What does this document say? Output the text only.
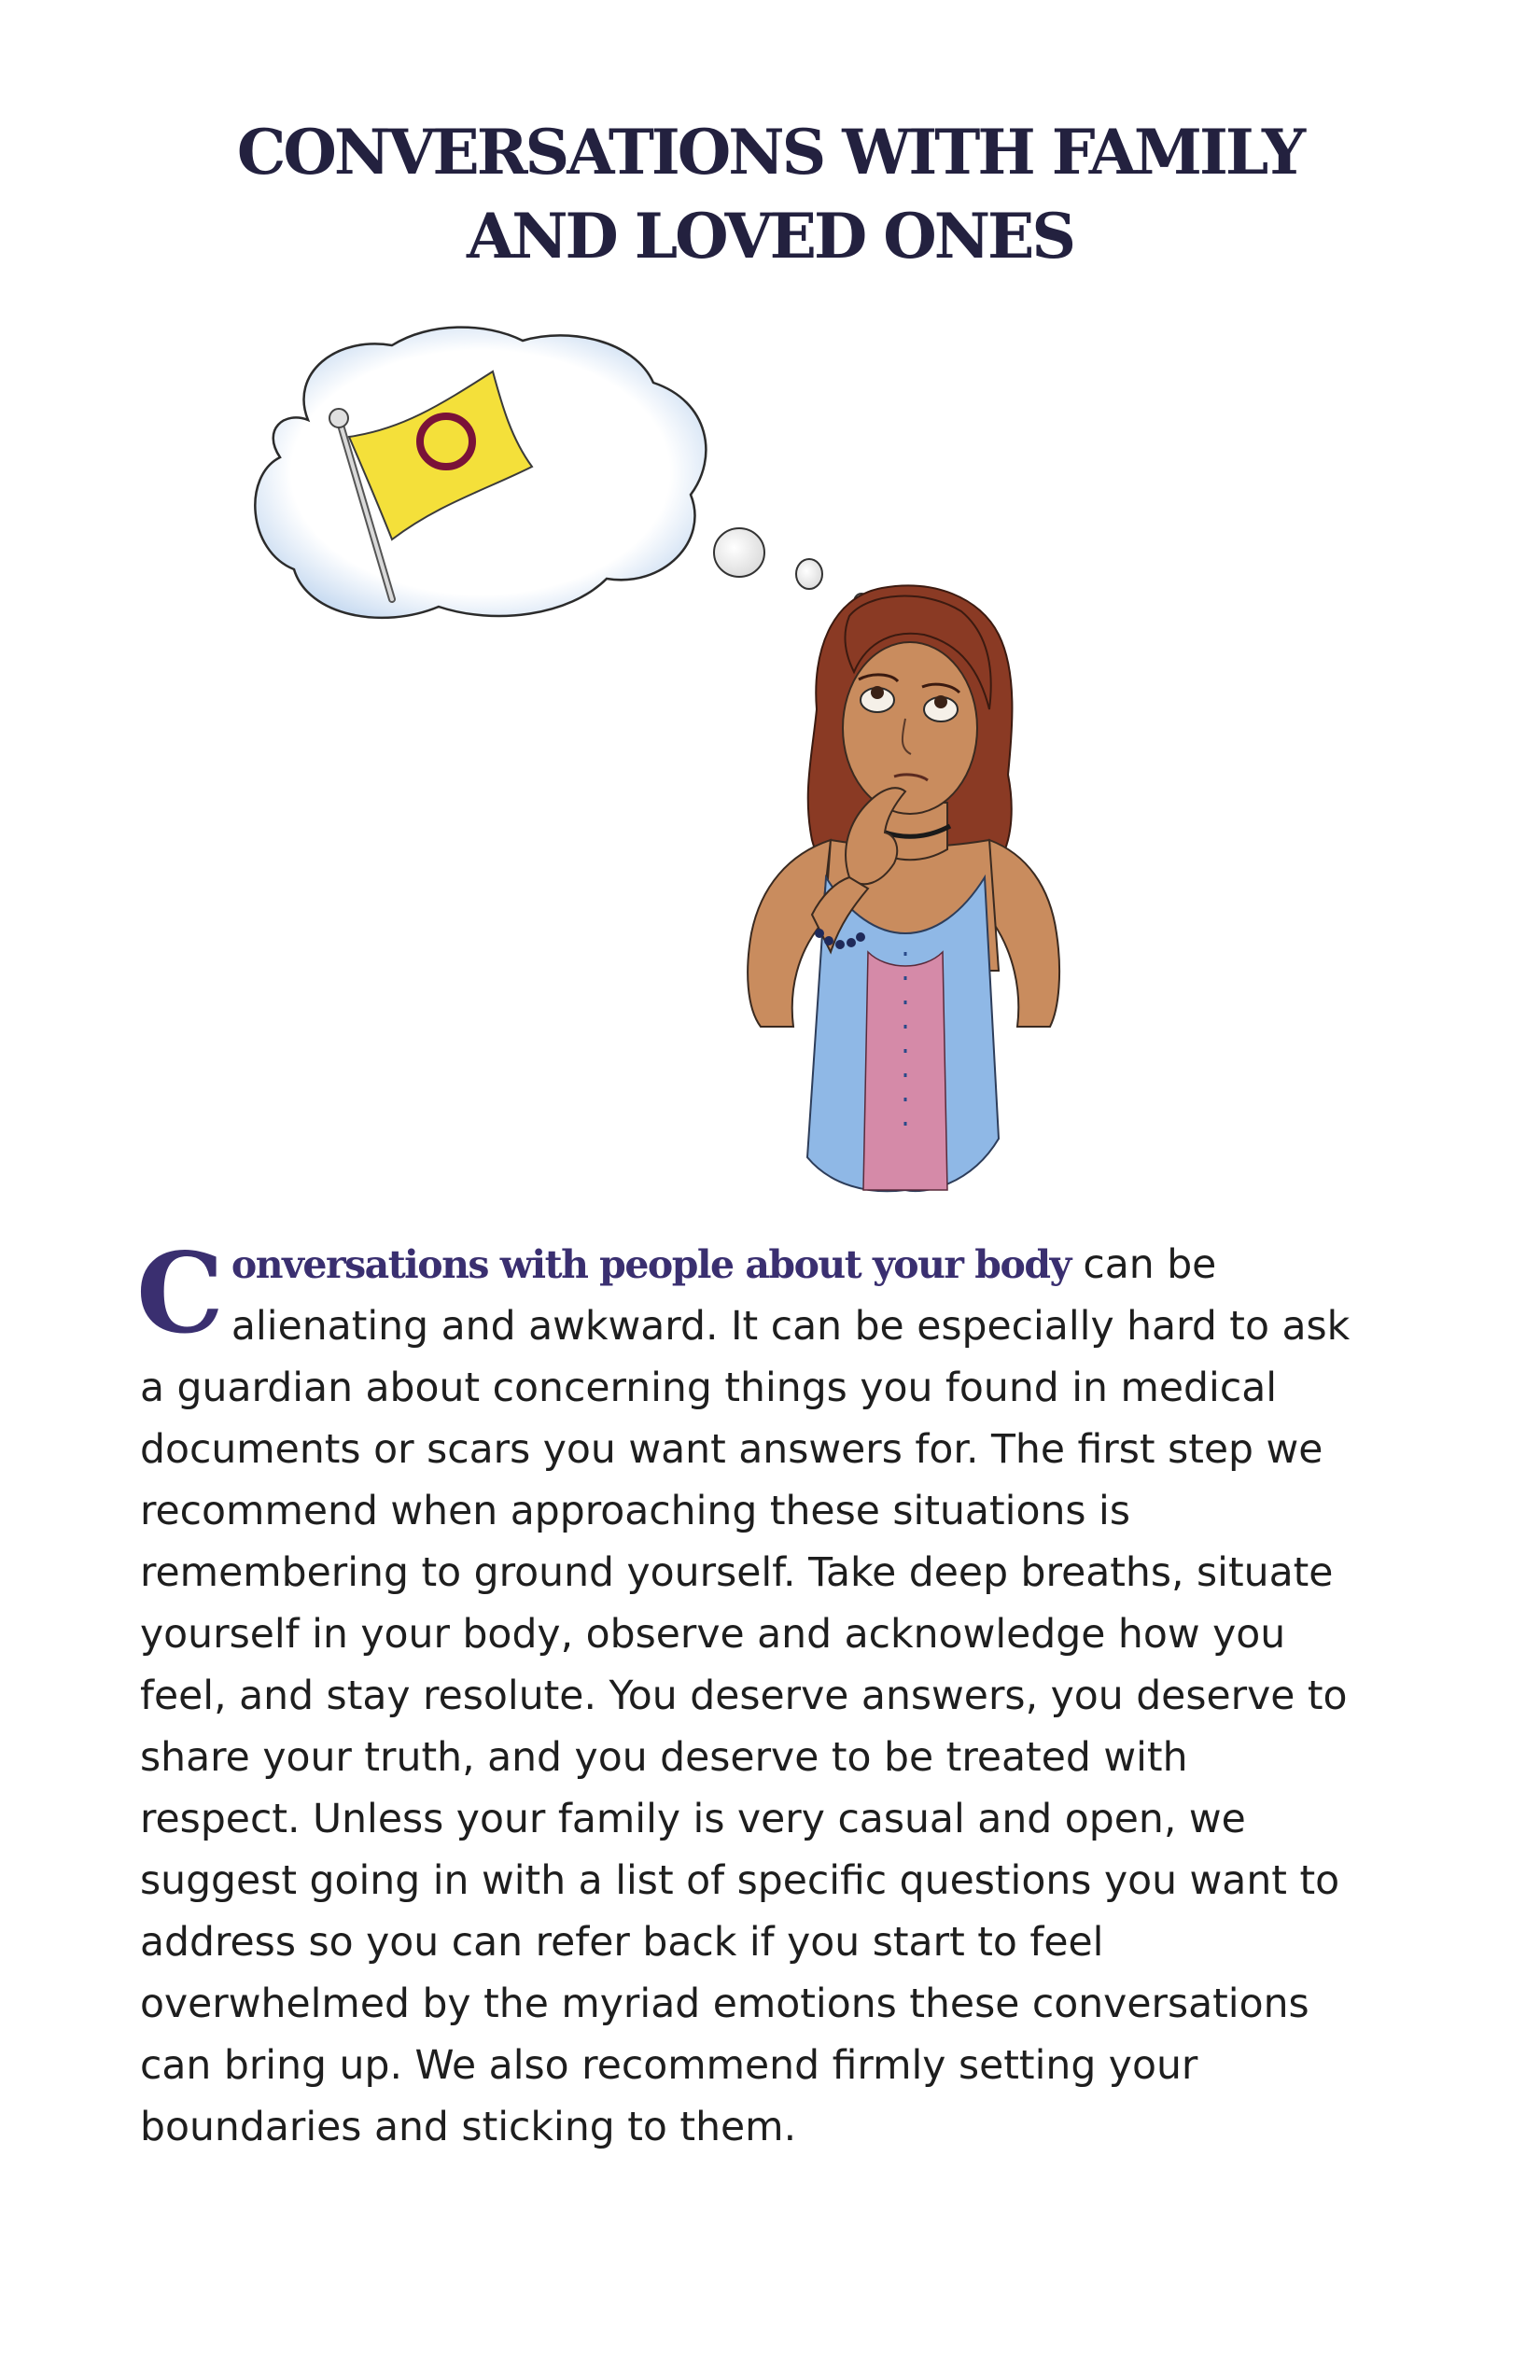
CONVERSATIONS WITH FAMILY
AND LOVED ONES

Conversations with people about your body can be alienating and awkward. It can be especially hard to ask a guardian about concerning things you found in medical documents or scars you want answers for. The first step we recommend when approaching these situations is remembering to ground yourself. Take deep breaths, situate yourself in your body, observe and acknowledge how you feel, and stay resolute. You deserve answers, you deserve to share your truth, and you deserve to be treated with respect. Unless your family is very casual and open, we suggest going in with a list of specific questions you want to address so you can refer back if you start to feel overwhelmed by the myriad emotions these conversations can bring up. We also recommend firmly setting your boundaries and sticking to them.
